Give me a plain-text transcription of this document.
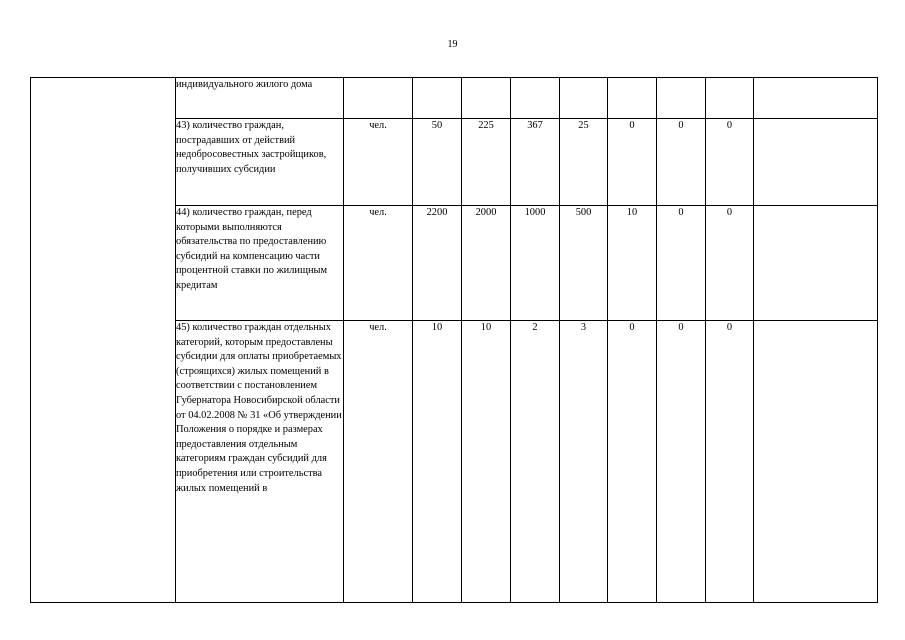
19

	индивидуального жилого дома									

	43) количество граждан, пострадавших от действий недобросовестных застройщиков, получивших субсидии	чел.	50	225	367	25	0	0	0	

	44) количество граждан, перед которыми выполняются обязательства по предоставлению субсидий на компенсацию части процентной ставки по жилищным кредитам	чел.	2200	2000	1000	500	10	0	0	

	45) количество граждан отдельных категорий, которым предоставлены субсидии для оплаты приобретаемых (строящихся) жилых помещений в соответствии с постановлением Губернатора Новосибирской области от 04.02.2008 № 31 «Об утверждении Положения о порядке и размерах предоставления отдельным категориям граждан субсидий для приобретения или строительства жилых помещений в	чел.	10	10	2	3	0	0	0	
